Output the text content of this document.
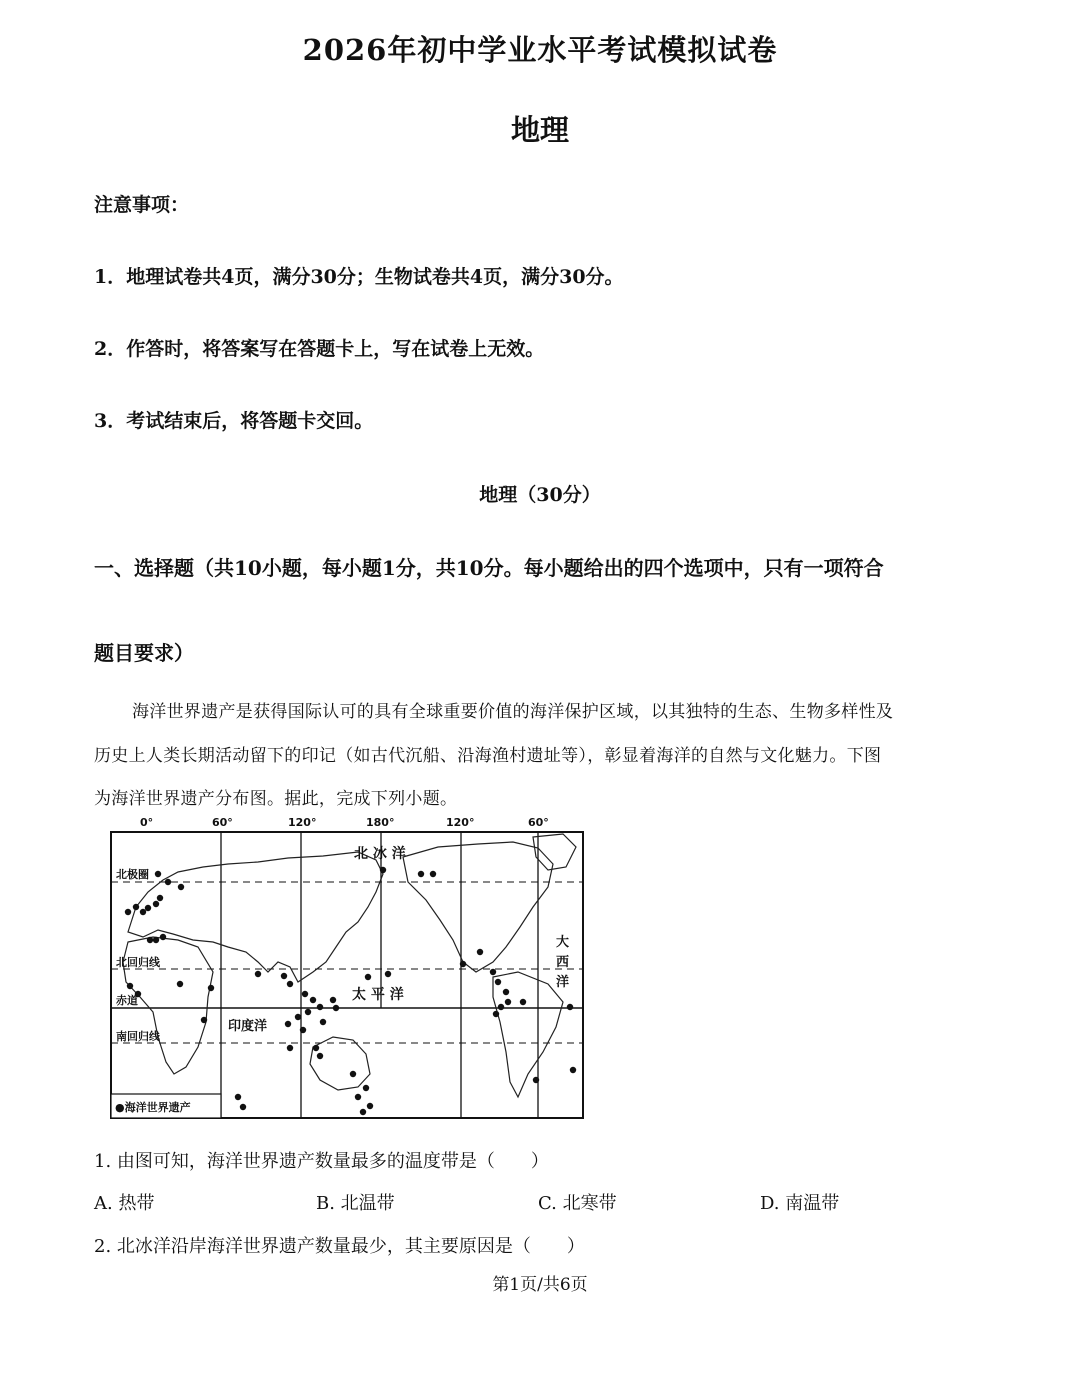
2026年初中学业水平考试模拟试卷
地理
注意事项：
1．地理试卷共4页，满分30分；生物试卷共4页，满分30分。
2．作答时，将答案写在答题卡上，写在试卷上无效。
3．考试结束后，将答题卡交回。
地理（30分）
一、选择题（共10小题，每小题1分，共10分。每小题给出的四个选项中，只有一项符合
题目要求）
海洋世界遗产是获得国际认可的具有全球重要价值的海洋保护区域，以其独特的生态、生物多样性及
历史上人类长期活动留下的印记（如古代沉船、沿海渔村遗址等），彰显着海洋的自然与文化魅力。下图
为海洋世界遗产分布图。据此，完成下列小题。
0°	60°	120°	180°	120°	60°
北极圈
北回归线
赤道
南回归线
北 冰 洋
太 平 洋
印度洋
大
西
洋
●海洋世界遗产
1. 由图可知，海洋世界遗产数量最多的温度带是（　　）
A. 热带	B. 北温带	C. 北寒带	D. 南温带
2. 北冰洋沿岸海洋世界遗产数量最少，其主要原因是（　　）
第1页/共6页
